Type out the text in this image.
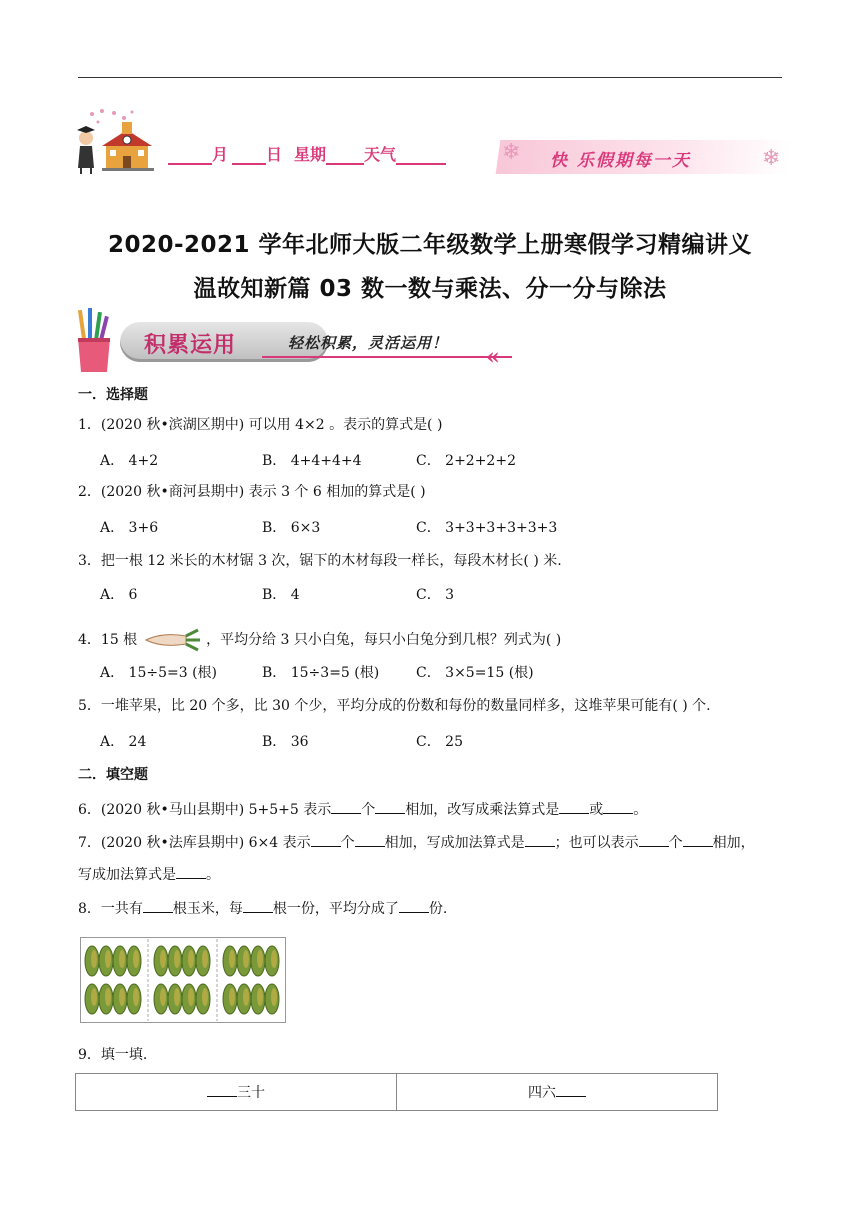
月 日 星期 天气	❄ 快 乐假期每一天	❄
2020-2021 学年北师大版二年级数学上册寒假学习精编讲义
温故知新篇 03 数一数与乘法、分一分与除法
积累运用	轻松积累，灵活运用！
«
一．选择题
1．(2020 秋•滨湖区期中) 可以用 4×2 。表示的算式是( )
A． 4+2	B． 4+4+4+4	C． 2+2+2+2
2．(2020 秋•商河县期中) 表示 3 个 6 相加的算式是( )
A． 3+6	B． 6×3	C． 3+3+3+3+3+3
3．把一根 12 米长的木材锯 3 次，锯下的木材每段一样长，每段木材长( ) 米.
A． 6	B． 4	C． 3
4．15 根	，平均分给 3 只小白兔，每只小白兔分到几根？列式为( )
A． 15÷5=3 (根)	B． 15÷3=5 (根)	C． 3×5=15 (根)
5．一堆苹果，比 20 个多，比 30 个少，平均分成的份数和每份的数量同样多，这堆苹果可能有( ) 个.
A． 24	B． 36	C． 25
二．填空题
6．(2020 秋•马山县期中) 5+5+5 表示 个 相加，改写成乘法算式是 或 。
7．(2020 秋•法库县期中) 6×4 表示 个 相加，写成加法算式是 ；也可以表示 个 相加，
写成加法算式是 。
8．一共有 根玉米，每 根一份，平均分成了 份.
9．填一填.
三十	四六
